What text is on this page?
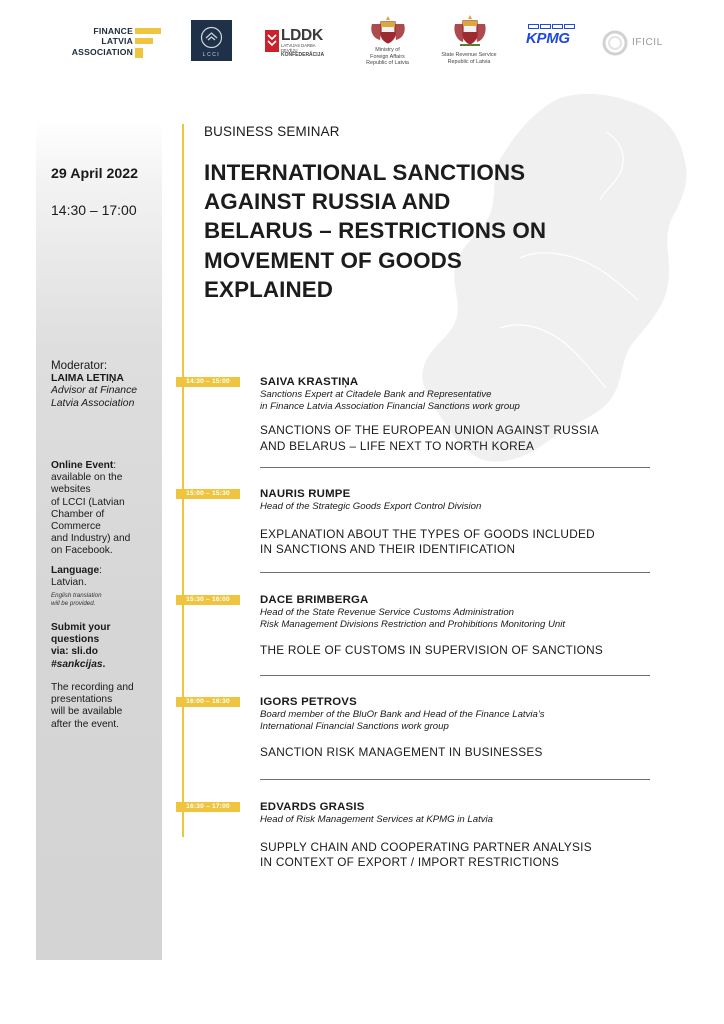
FINANCE
LATVIA
ASSOCIATION	LCCI
LDDK
LATVIJAS DARBA DEVĒJU
KONFEDERĀCIJA
Ministry of
Foreign Affairs
Republic of Latvia
State Revenue Service
Republic of Latvia
KPMG	IFICIL
29 April 2022
14:30 – 17:00
Moderator:
LAIMA LETIŅA
Advisor at Finance
Latvia Association
Online Event:
available on the
websites
of LCCI (Latvian
Chamber of
Commerce
and Industry) and
on Facebook.
Language:
Latvian.
English translation
will be provided.
Submit your
questions
via: sli.do
#sankcijas.
The recording and
presentations
will be available
after the event.
BUSINESS SEMINAR
INTERNATIONAL SANCTIONS
AGAINST RUSSIA AND
BELARUS – RESTRICTIONS ON
MOVEMENT OF GOODS
EXPLAINED
14:30 – 15:00	SAIVA KRASTIŅA
Sanctions Expert at Citadele Bank and Representative
in Finance Latvia Association Financial Sanctions work group
SANCTIONS OF THE EUROPEAN UNION AGAINST RUSSIA
AND BELARUS – LIFE NEXT TO NORTH KOREA
15:00 – 15:30	NAURIS RUMPE
Head of the Strategic Goods Export Control Division
EXPLANATION ABOUT THE TYPES OF GOODS INCLUDED
IN SANCTIONS AND THEIR IDENTIFICATION
15:30 – 16:00	DACE BRIMBERGA
Head of the State Revenue Service Customs Administration
Risk Management Divisions Restriction and Prohibitions Monitoring Unit
THE ROLE OF CUSTOMS IN SUPERVISION OF SANCTIONS
16:00 – 16:30	IGORS PETROVS
Board member of the BluOr Bank and Head of the Finance Latvia’s
International Financial Sanctions work group
SANCTION RISK MANAGEMENT IN BUSINESSES
16:30 – 17:00	EDVARDS GRASIS
Head of Risk Management Services at KPMG in Latvia
SUPPLY CHAIN AND COOPERATING PARTNER ANALYSIS
IN CONTEXT OF EXPORT / IMPORT RESTRICTIONS
